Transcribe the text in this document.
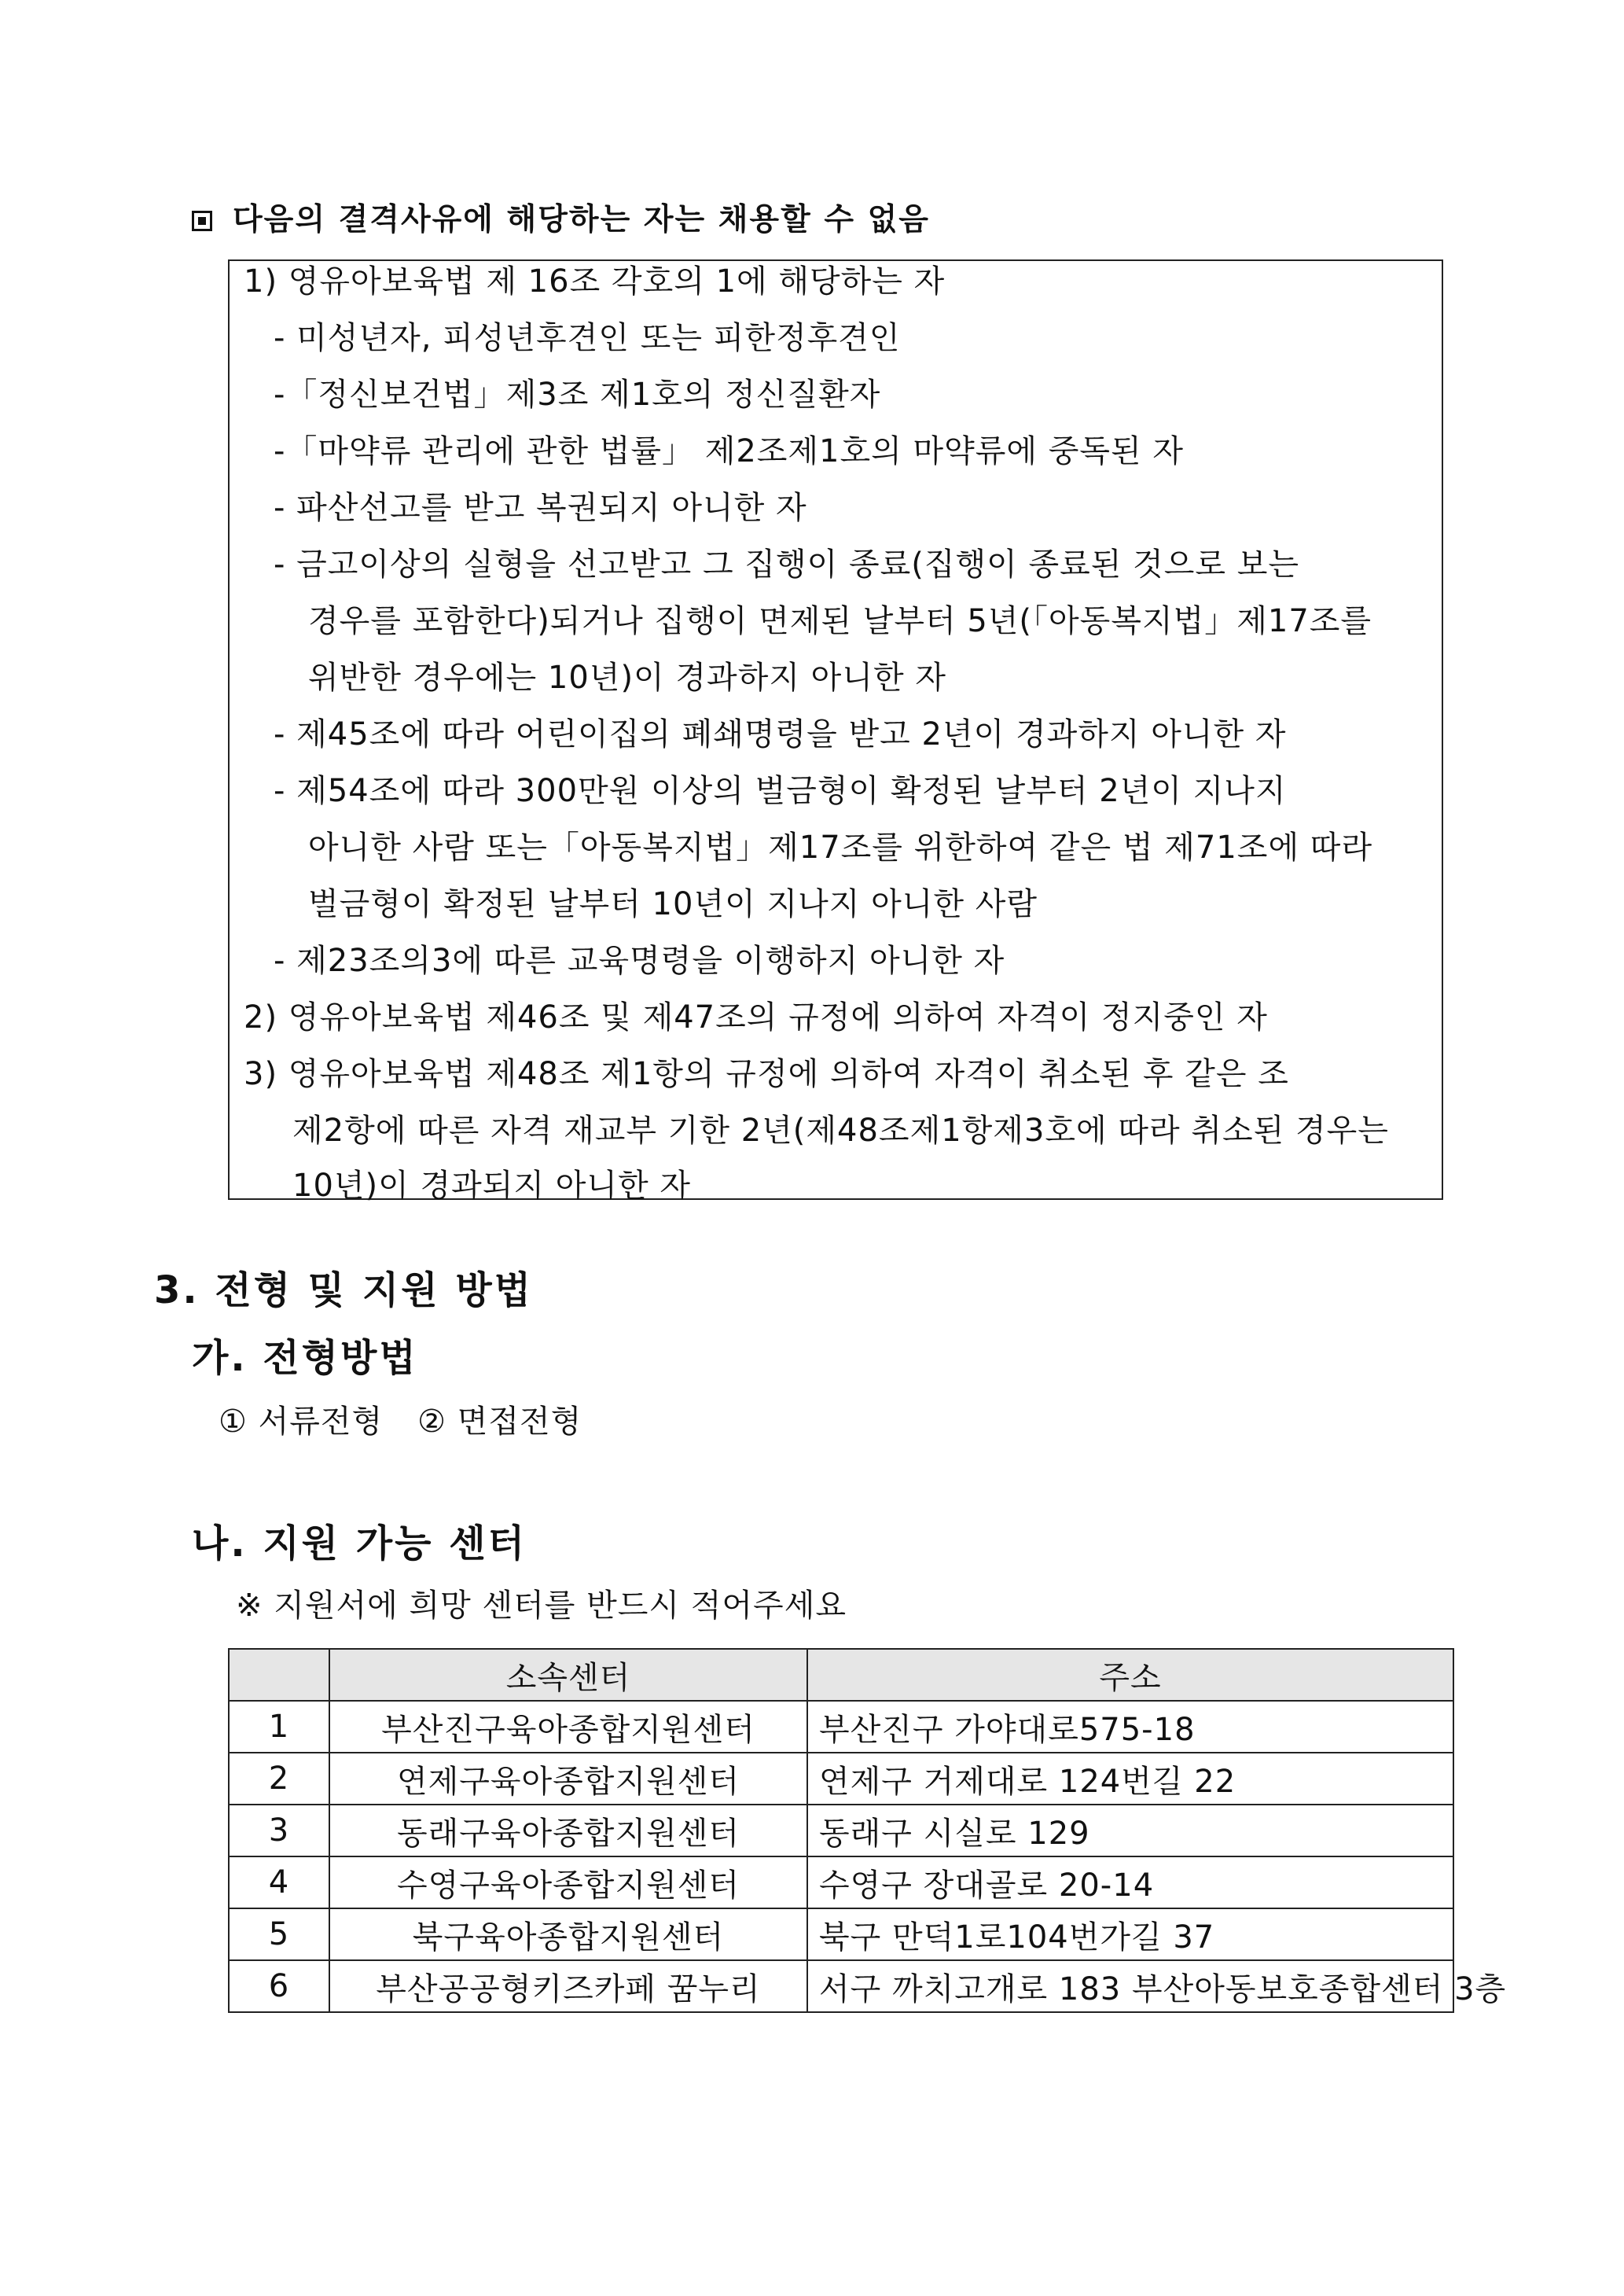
다음의 결격사유에 해당하는 자는 채용할 수 없음
1) 영유아보육법 제 16조 각호의 1에 해당하는 자
- 미성년자, 피성년후견인 또는 피한정후견인
-「정신보건법」제3조 제1호의 정신질환자
-「마약류 관리에 관한 법률」 제2조제1호의 마약류에 중독된 자
- 파산선고를 받고 복권되지 아니한 자
- 금고이상의 실형을 선고받고 그 집행이 종료(집행이 종료된 것으로 보는
경우를 포함한다)되거나 집행이 면제된 날부터 5년(「아동복지법」제17조를
위반한 경우에는 10년)이 경과하지 아니한 자
- 제45조에 따라 어린이집의 폐쇄명령을 받고 2년이 경과하지 아니한 자
- 제54조에 따라 300만원 이상의 벌금형이 확정된 날부터 2년이 지나지
아니한 사람 또는「아동복지법」제17조를 위한하여 같은 법 제71조에 따라
벌금형이 확정된 날부터 10년이 지나지 아니한 사람
- 제23조의3에 따른 교육명령을 이행하지 아니한 자
2) 영유아보육법 제46조 및 제47조의 규정에 의하여 자격이 정지중인 자
3) 영유아보육법 제48조 제1항의 규정에 의하여 자격이 취소된 후 같은 조
제2항에 따른 자격 재교부 기한 2년(제48조제1항제3호에 따라 취소된 경우는
10년)이 경과되지 아니한 자
3. 전형 및 지원 방법
가. 전형방법
① 서류전형 ② 면접전형
나. 지원 가능 센터
※ 지원서에 희망 센터를 반드시 적어주세요
	소속센터	주소
1	부산진구육아종합지원센터	부산진구 가야대로575-18
2	연제구육아종합지원센터	연제구 거제대로 124번길 22
3	동래구육아종합지원센터	동래구 시실로 129
4	수영구육아종합지원센터	수영구 장대골로 20-14
5	북구육아종합지원센터	북구 만덕1로104번가길 37
6	부산공공형키즈카페 꿈누리	서구 까치고개로 183 부산아동보호종합센터 3층
